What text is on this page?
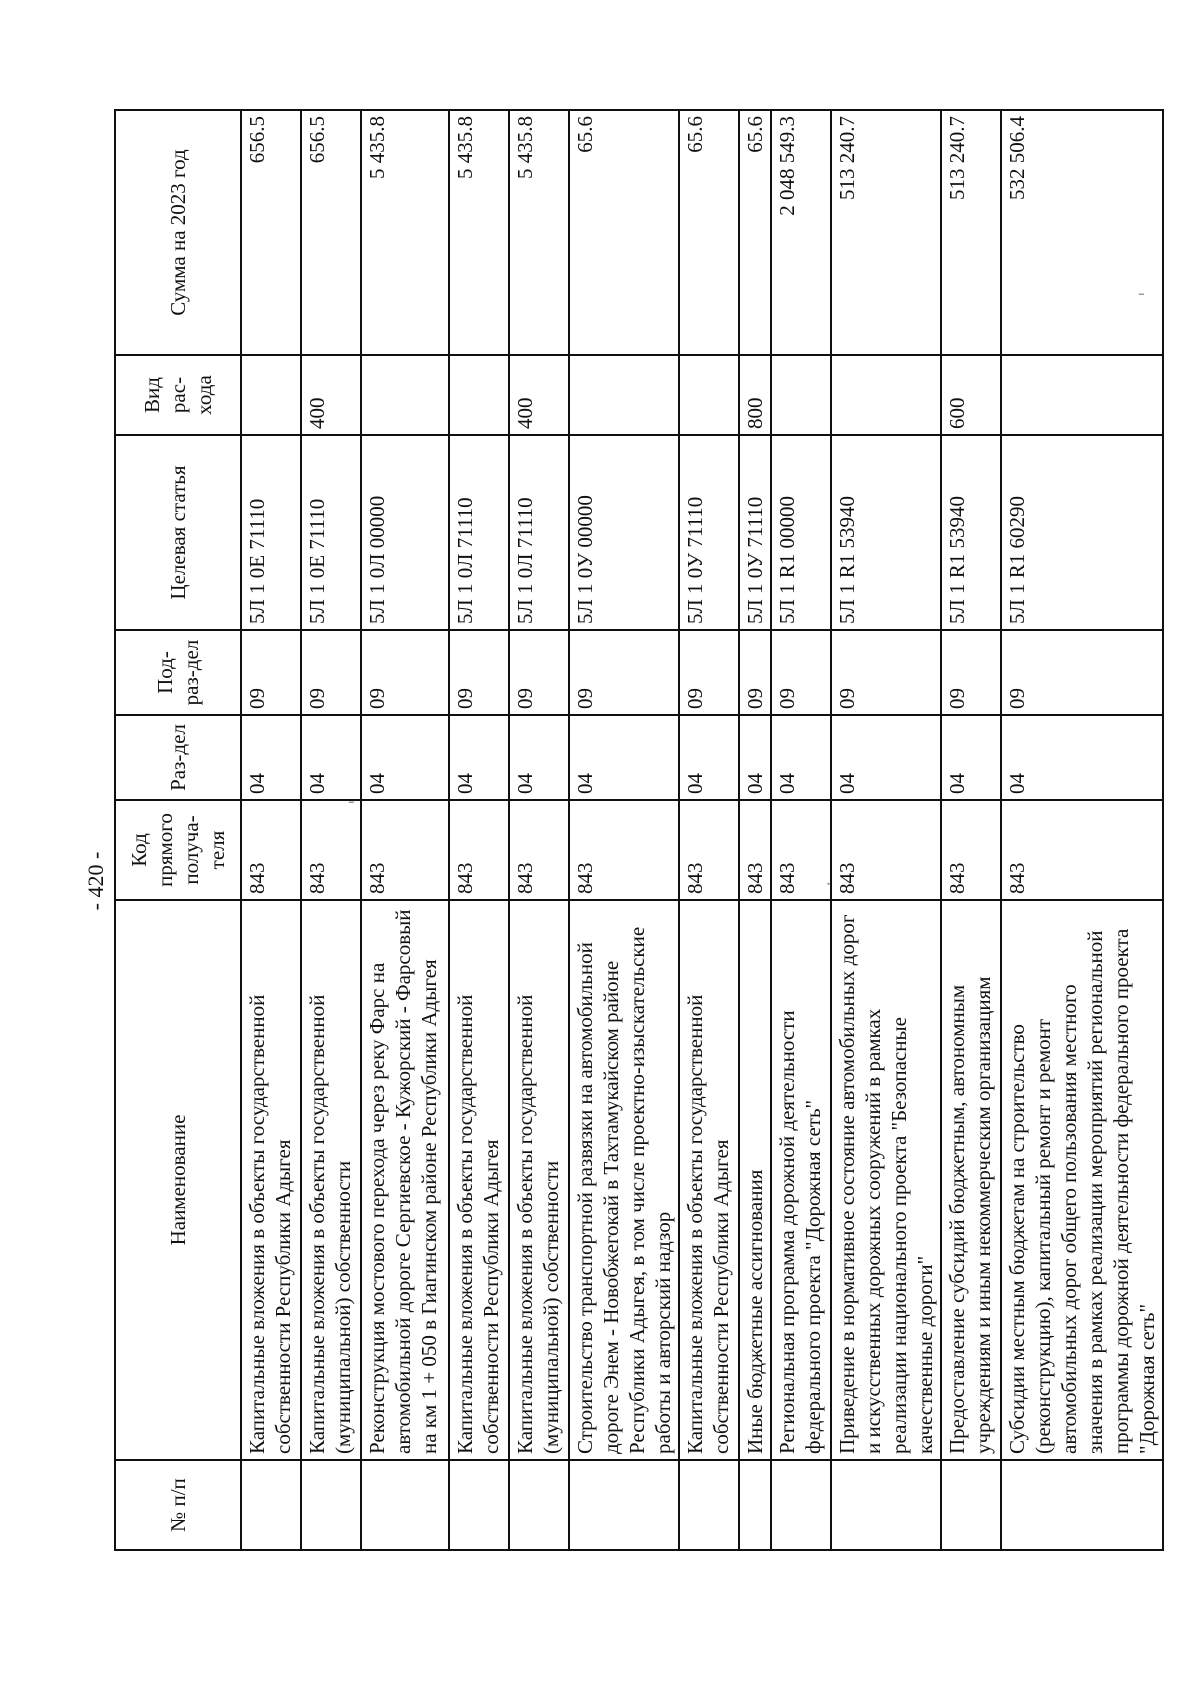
- 420 -
-
-
.
№ п/п	Наименование	Код прямого получа-теля	Раз-дел	Под-раз-дел	Целевая статья	Вид рас-хода	Сумма на 2023 год
	Капитальные вложения в объекты государственной собственности Республики Адыгея	843	04	09	5Л 1 0Е 71110		656.5
	Капитальные вложения в объекты государственной (муниципальной) собственности	843	04	09	5Л 1 0Е 71110	400	656.5
	Реконструкция мостового перехода через реку Фарс на автомобильной дороге Сергиевское - Кужорский - Фарсовый на км 1 + 050 в Гиагинском районе Республики Адыгея	843	04	09	5Л 1 0Л 00000		5 435.8
	Капитальные вложения в объекты государственной собственности Республики Адыгея	843	04	09	5Л 1 0Л 71110		5 435.8
	Капитальные вложения в объекты государственной (муниципальной) собственности	843	04	09	5Л 1 0Л 71110	400	5 435.8
	Строительство транспортной развязки на автомобильной дороге Энем - Новобжегокай в Тахтамукайском районе Республики Адыгея, в том числе проектно-изыскательские работы и авторский надзор	843	04	09	5Л 1 0У 00000		65.6
	Капитальные вложения в объекты государственной собственности Республики Адыгея	843	04	09	5Л 1 0У 71110		65.6
	Иные бюджетные ассигнования	843	04	09	5Л 1 0У 71110	800	65.6
	Региональная программа дорожной деятельности федерального проекта "Дорожная сеть"	843	04	09	5Л 1 R1 00000		2 048 549.3
	Приведение в нормативное состояние автомобильных дорог и искусственных дорожных сооружений в рамках реализации национального проекта "Безопасные качественные дороги"	843	04	09	5Л 1 R1 53940		513 240.7
	Предоставление субсидий бюджетным, автономным учреждениям и иным некоммерческим организациям	843	04	09	5Л 1 R1 53940	600	513 240.7
	Субсидии местным бюджетам на строительство (реконструкцию), капитальный ремонт и ремонт автомобильных дорог общего пользования местного значения в рамках реализации мероприятий региональной программы дорожной деятельности федерального проекта "Дорожная сеть"	843	04	09	5Л 1 R1 60290		532 506.4
